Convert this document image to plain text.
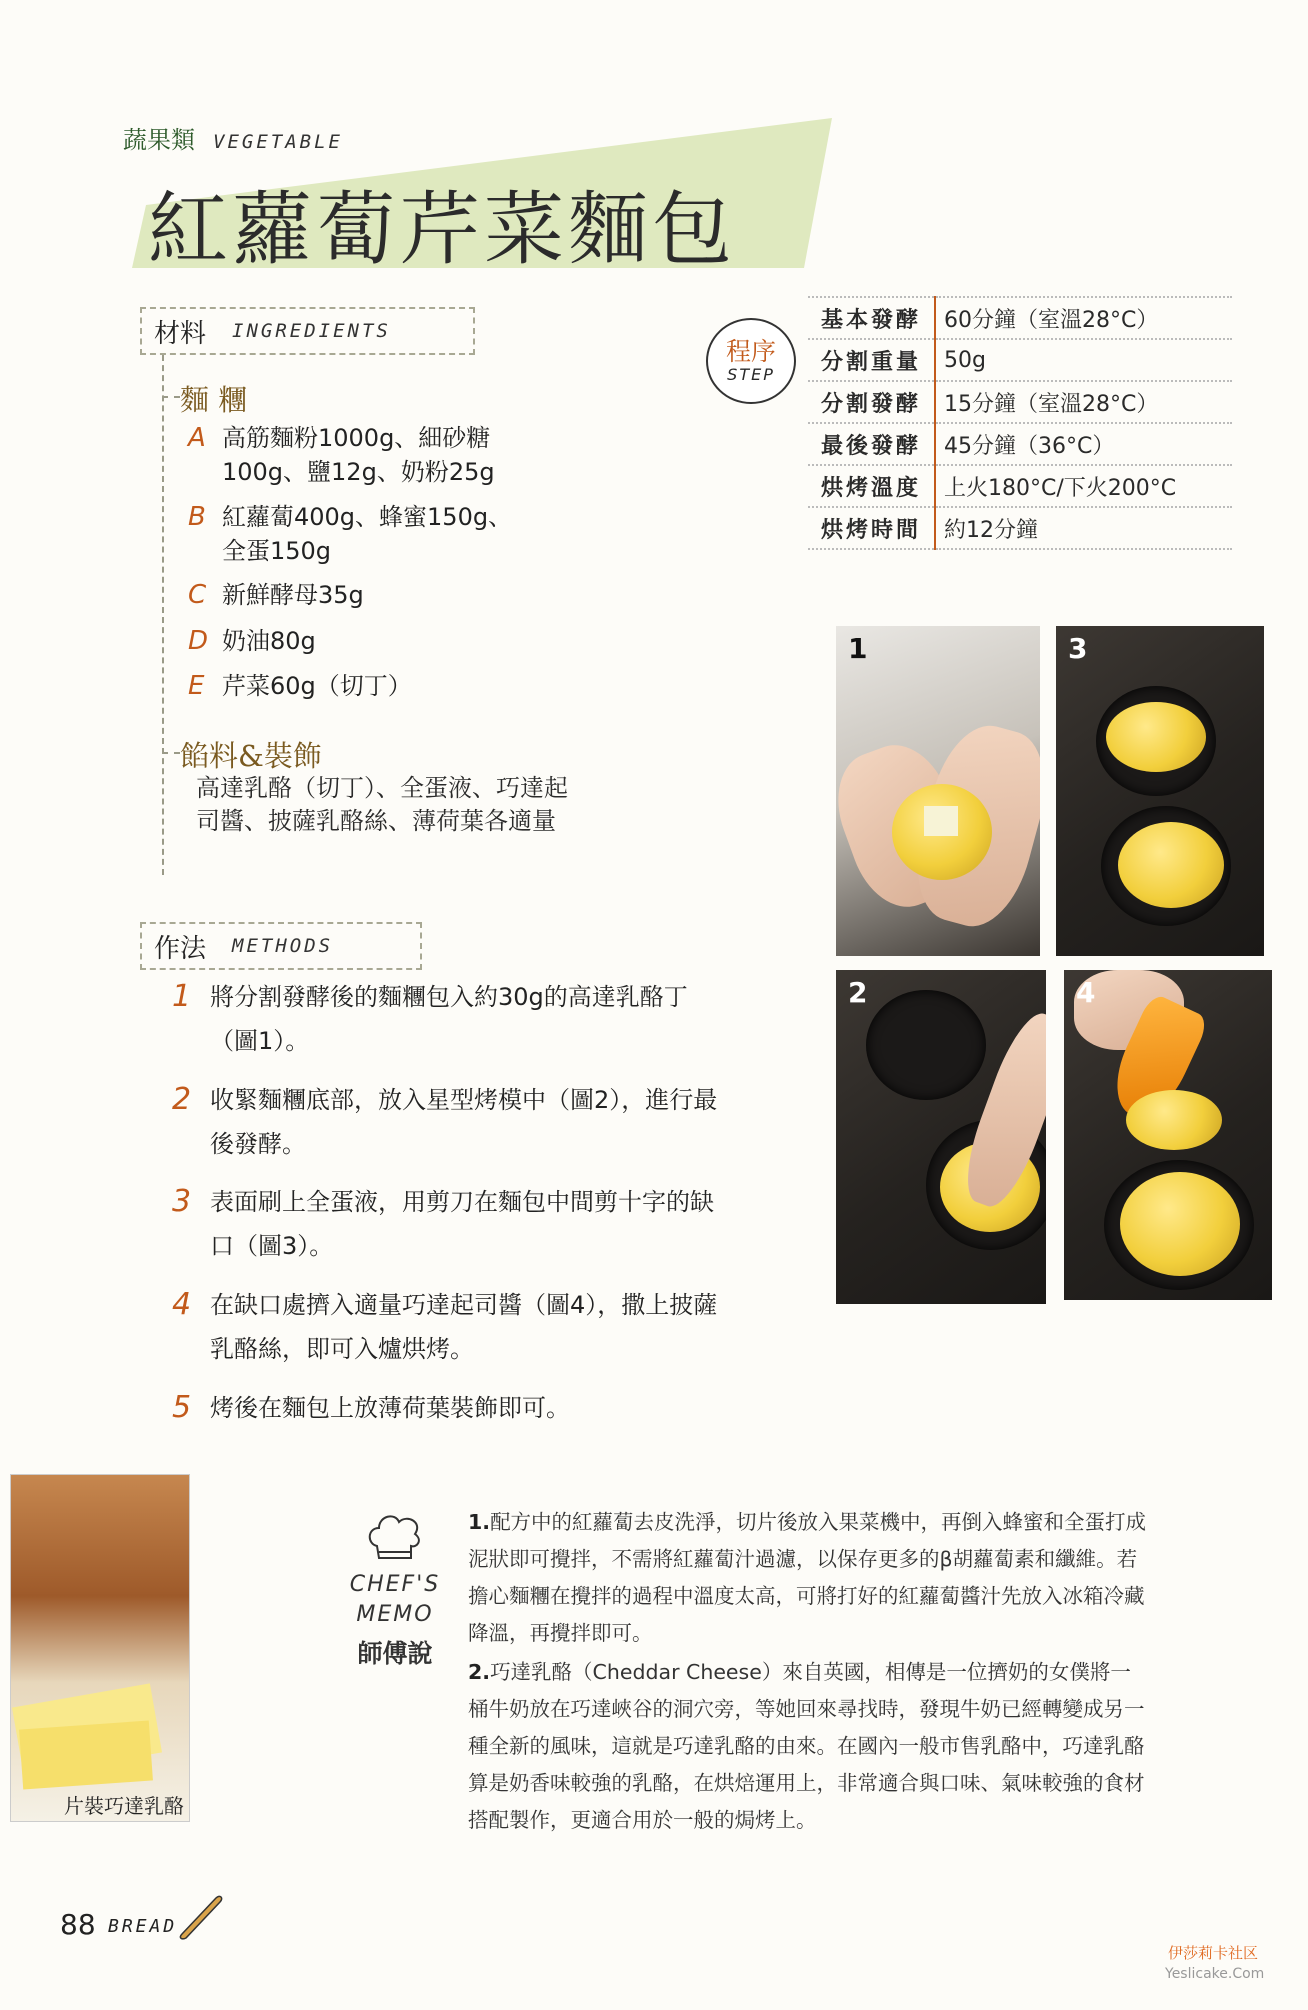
蔬果類 VEGETABLE
紅蘿蔔芹菜麵包
材料 INGREDIENTS
麵 糰
A 高筋麵粉1000g、細砂糖100g、鹽12g、奶粉25g
B 紅蘿蔔400g、蜂蜜150g、全蛋150g
C 新鮮酵母35g
D 奶油80g
E 芹菜60g（切丁）
餡料&裝飾
高達乳酪（切丁）、全蛋液、巧達起司醬、披薩乳酪絲、薄荷葉各適量
程序
STEP
基本發酵	60分鐘（室溫28°C）
分割重量	50g
分割發酵	15分鐘（室溫28°C）
最後發酵	45分鐘（36°C）
烘烤溫度	上火180°C/下火200°C
烘烤時間	約12分鐘
1	3
2	4
作法 METHODS
1 將分割發酵後的麵糰包入約30g的高達乳酪丁（圖1）。
2 收緊麵糰底部，放入星型烤模中（圖2），進行最後發酵。
3 表面刷上全蛋液，用剪刀在麵包中間剪十字的缺口（圖3）。
4 在缺口處擠入適量巧達起司醬（圖4），撒上披薩乳酪絲，即可入爐烘烤。
5 烤後在麵包上放薄荷葉裝飾即可。
片裝巧達乳酪
CHEF'S
MEMO
師傅說
1.配方中的紅蘿蔔去皮洗淨，切片後放入果菜機中，再倒入蜂蜜和全蛋打成泥狀即可攪拌，不需將紅蘿蔔汁過濾，以保存更多的β胡蘿蔔素和纖維。若擔心麵糰在攪拌的過程中溫度太高，可將打好的紅蘿蔔醬汁先放入冰箱冷藏降溫，再攪拌即可。
2.巧達乳酪（Cheddar Cheese）來自英國，相傳是一位擠奶的女僕將一桶牛奶放在巧達峽谷的洞穴旁，等她回來尋找時，發現牛奶已經轉變成另一種全新的風味，這就是巧達乳酪的由來。在國內一般市售乳酪中，巧達乳酪算是奶香味較強的乳酪，在烘焙運用上，非常適合與口味、氣味較強的食材搭配製作，更適合用於一般的焗烤上。
88 BREAD
伊莎莉卡社区
Yeslicake.Com
